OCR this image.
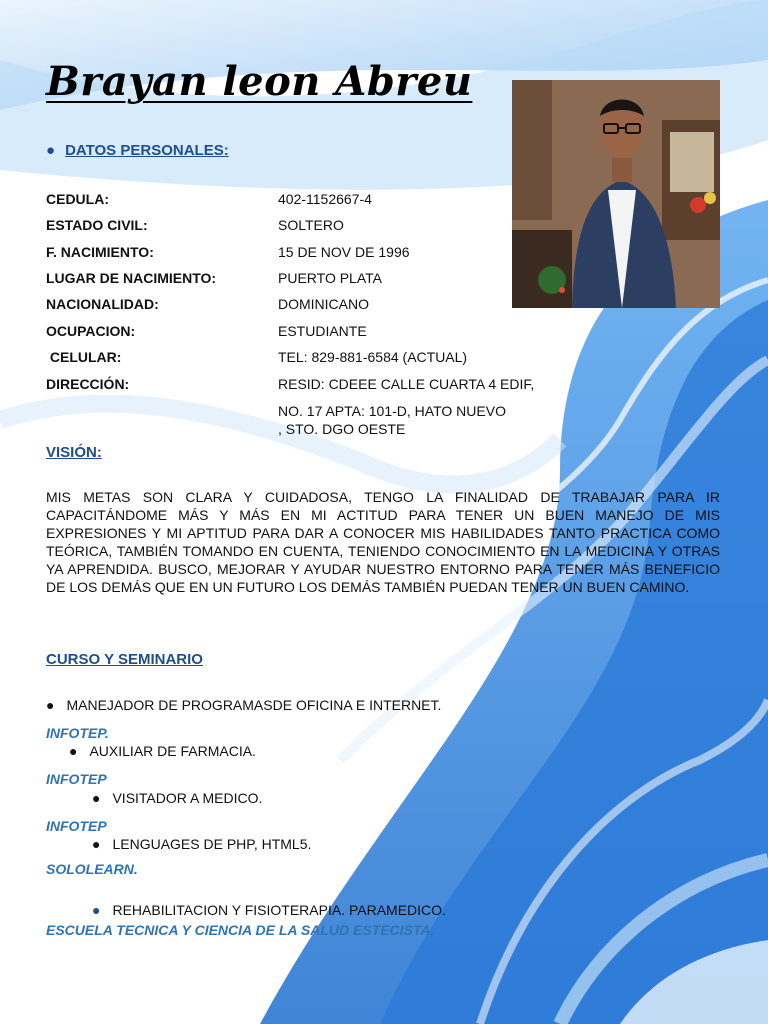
Brayan leon Abreu
● DATOS PERSONALES:
CEDULA:	402-1152667-4
ESTADO CIVIL:	SOLTERO
F. NACIMIENTO:	15 DE NOV DE 1996
LUGAR DE NACIMIENTO:	PUERTO PLATA
NACIONALIDAD:	DOMINICANO
OCUPACION:	ESTUDIANTE
CELULAR:	TEL: 829-881-6584 (ACTUAL)
DIRECCIÓN:	RESID: CDEEE CALLE CUARTA 4 EDIF,
NO. 17 APTA: 101-D, HATO NUEVO
, STO. DGO OESTE
VISIÓN:
MIS METAS SON CLARA Y CUIDADOSA, TENGO LA FINALIDAD DE TRABAJAR PARA IR CAPACITÁNDOME MÁS Y MÁS EN MI ACTITUD PARA TENER UN BUEN MANEJO DE MIS EXPRESIONES Y MI APTITUD PARA DAR A CONOCER MIS HABILIDADES TANTO PRACTICA COMO TEÓRICA, TAMBIÉN TOMANDO EN CUENTA, TENIENDO CONOCIMIENTO EN LA MEDICINA Y OTRAS YA APRENDIDA. BUSCO, MEJORAR Y AYUDAR NUESTRO ENTORNO PARA TENER MÁS BENEFICIO DE LOS DEMÁS QUE EN UN FUTURO LOS DEMÁS TAMBIÉN PUEDAN TENER UN BUEN CAMINO.
CURSO Y SEMINARIO
● MANEJADOR DE PROGRAMASDE OFICINA E INTERNET.
INFOTEP.
● AUXILIAR DE FARMACIA.
INFOTEP
● VISITADOR A MEDICO.
INFOTEP
● LENGUAGES DE PHP, HTML5.
SOLOLEARN.
● REHABILITACION Y FISIOTERAPIA. PARAMEDICO.
ESCUELA TECNICA Y CIENCIA DE LA SALUD ESTECISTA.
